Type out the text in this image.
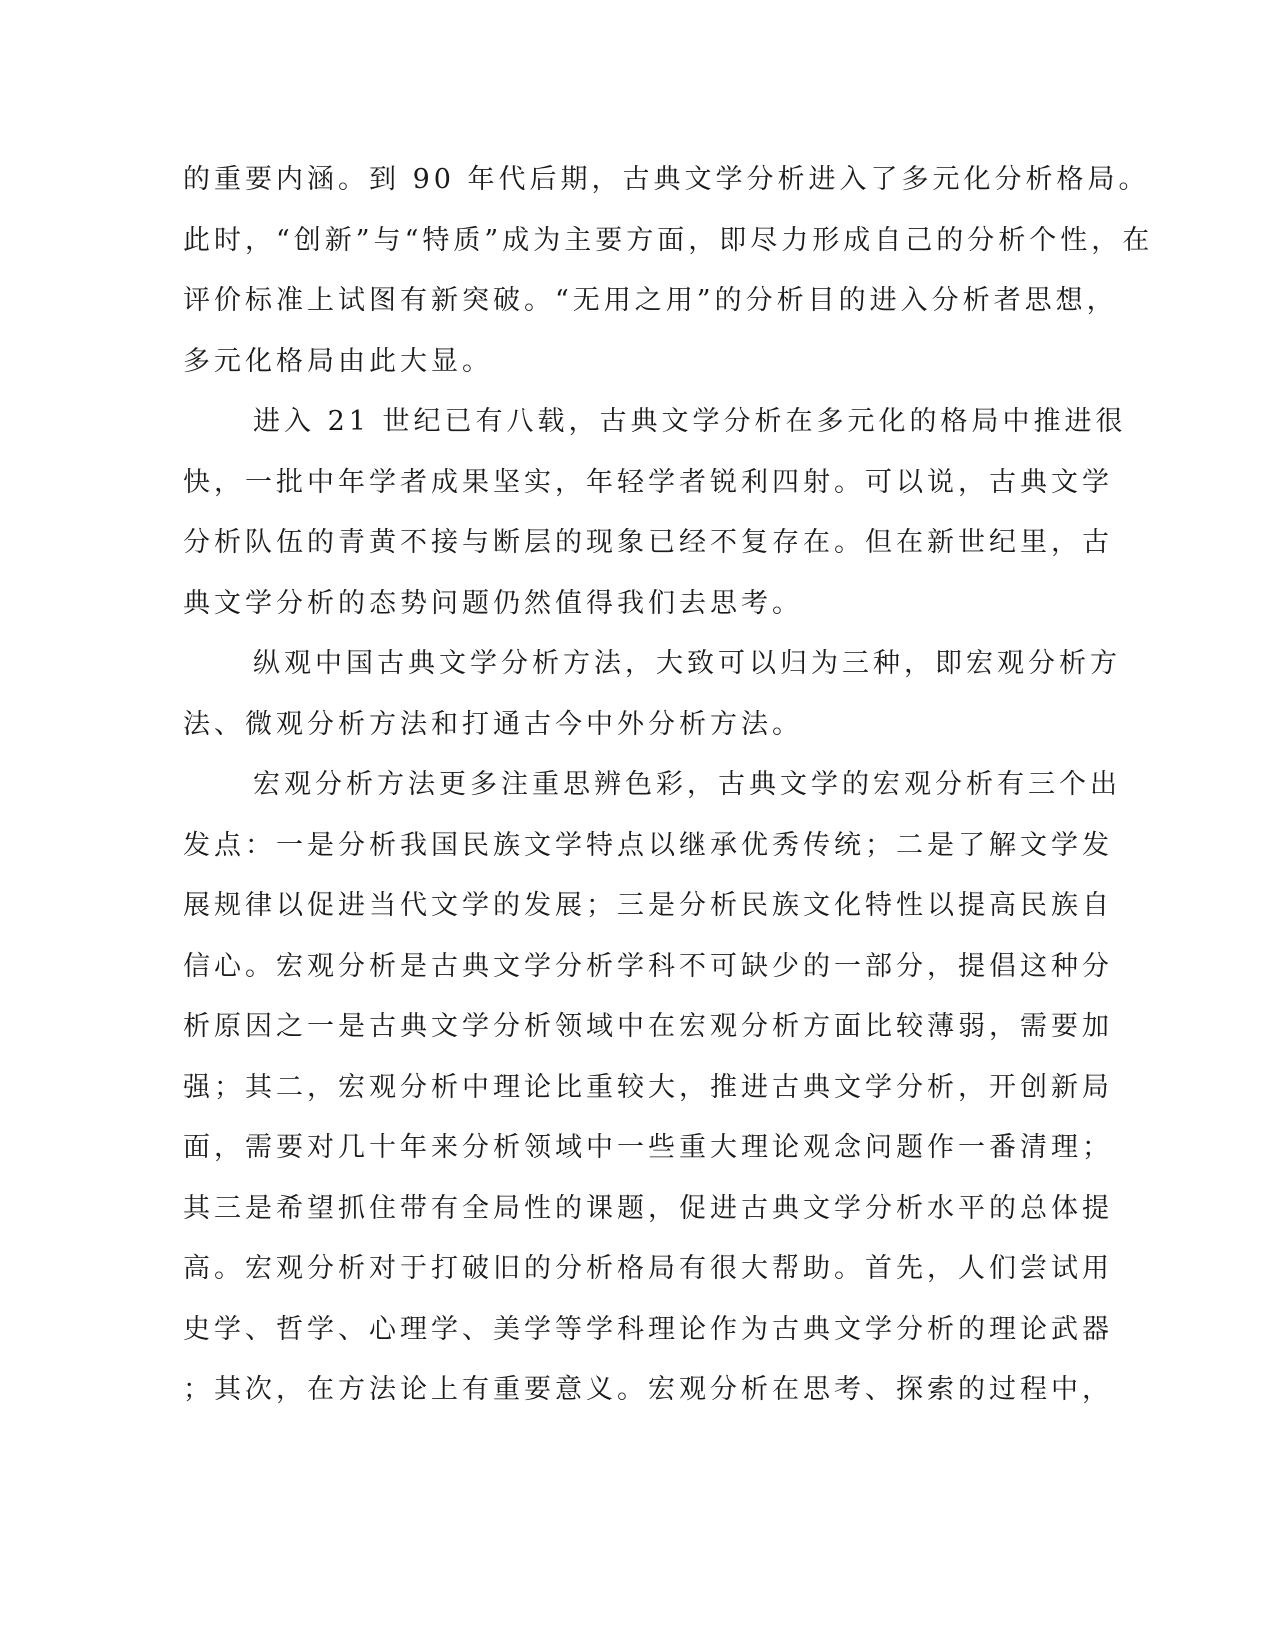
的重要内涵。到 90 年代后期，古典文学分析进入了多元化分析格局。
此时，“创新”与“特质”成为主要方面，即尽力形成自己的分析个性，在
评价标准上试图有新突破。“无用之用”的分析目的进入分析者思想，
多元化格局由此大显。
进入 21 世纪已有八载，古典文学分析在多元化的格局中推进很
快，一批中年学者成果坚实，年轻学者锐利四射。可以说，古典文学
分析队伍的青黄不接与断层的现象已经不复存在。但在新世纪里，古
典文学分析的态势问题仍然值得我们去思考。
纵观中国古典文学分析方法，大致可以归为三种，即宏观分析方
法、微观分析方法和打通古今中外分析方法。
宏观分析方法更多注重思辨色彩，古典文学的宏观分析有三个出
发点：一是分析我国民族文学特点以继承优秀传统；二是了解文学发
展规律以促进当代文学的发展；三是分析民族文化特性以提高民族自
信心。宏观分析是古典文学分析学科不可缺少的一部分，提倡这种分
析原因之一是古典文学分析领域中在宏观分析方面比较薄弱，需要加
强；其二，宏观分析中理论比重较大，推进古典文学分析，开创新局
面，需要对几十年来分析领域中一些重大理论观念问题作一番清理；
其三是希望抓住带有全局性的课题，促进古典文学分析水平的总体提
高。宏观分析对于打破旧的分析格局有很大帮助。首先，人们尝试用
史学、哲学、心理学、美学等学科理论作为古典文学分析的理论武器
；其次，在方法论上有重要意义。宏观分析在思考、探索的过程中，
